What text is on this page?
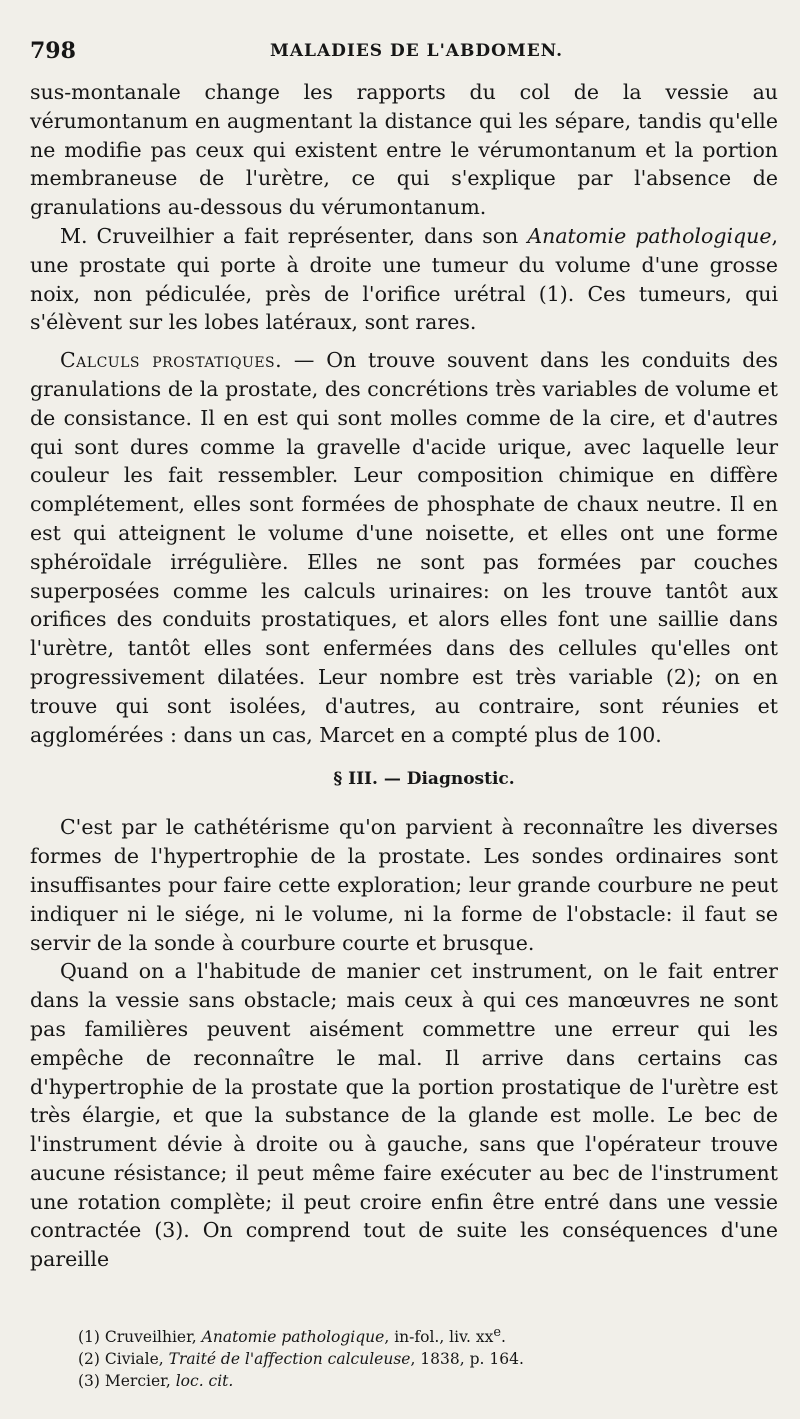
798	MALADIES DE L'ABDOMEN.

sus-montanale change les rapports du col de la vessie au vérumontanum en augmentant la distance qui les sépare, tandis qu'elle ne modifie pas ceux qui existent entre le vérumontanum et la portion membraneuse de l'urètre, ce qui s'explique par l'absence de granulations au-dessous du vérumontanum.

M. Cruveilhier a fait représenter, dans son Anatomie pathologique, une prostate qui porte à droite une tumeur du volume d'une grosse noix, non pédiculée, près de l'orifice urétral (1). Ces tumeurs, qui s'élèvent sur les lobes latéraux, sont rares.

Calculs prostatiques. — On trouve souvent dans les conduits des granulations de la prostate, des concrétions très variables de volume et de consistance. Il en est qui sont molles comme de la cire, et d'autres qui sont dures comme la gravelle d'acide urique, avec laquelle leur couleur les fait ressembler. Leur composition chimique en diffère complétement, elles sont formées de phosphate de chaux neutre. Il en est qui atteignent le volume d'une noisette, et elles ont une forme sphéroïdale irrégulière. Elles ne sont pas formées par couches superposées comme les calculs urinaires: on les trouve tantôt aux orifices des conduits prostatiques, et alors elles font une saillie dans l'urètre, tantôt elles sont enfermées dans des cellules qu'elles ont progressivement dilatées. Leur nombre est très variable (2); on en trouve qui sont isolées, d'autres, au contraire, sont réunies et agglomérées : dans un cas, Marcet en a compté plus de 100.

§ III. — Diagnostic.

C'est par le cathétérisme qu'on parvient à reconnaître les diverses formes de l'hypertrophie de la prostate. Les sondes ordinaires sont insuffisantes pour faire cette exploration; leur grande courbure ne peut indiquer ni le siége, ni le volume, ni la forme de l'obstacle: il faut se servir de la sonde à courbure courte et brusque.

Quand on a l'habitude de manier cet instrument, on le fait entrer dans la vessie sans obstacle; mais ceux à qui ces manœuvres ne sont pas familières peuvent aisément commettre une erreur qui les empêche de reconnaître le mal. Il arrive dans certains cas d'hypertrophie de la prostate que la portion prostatique de l'urètre est très élargie, et que la substance de la glande est molle. Le bec de l'instrument dévie à droite ou à gauche, sans que l'opérateur trouve aucune résistance; il peut même faire exécuter au bec de l'instrument une rotation complète; il peut croire enfin être entré dans une vessie contractée (3). On comprend tout de suite les conséquences d'une pareille

(1) Cruveilhier, Anatomie pathologique, in-fol., liv. $xx^e$.
(2) Civiale, Traité de l'affection calculeuse, 1838, p. 164.
(3) Mercier, loc. cit.
